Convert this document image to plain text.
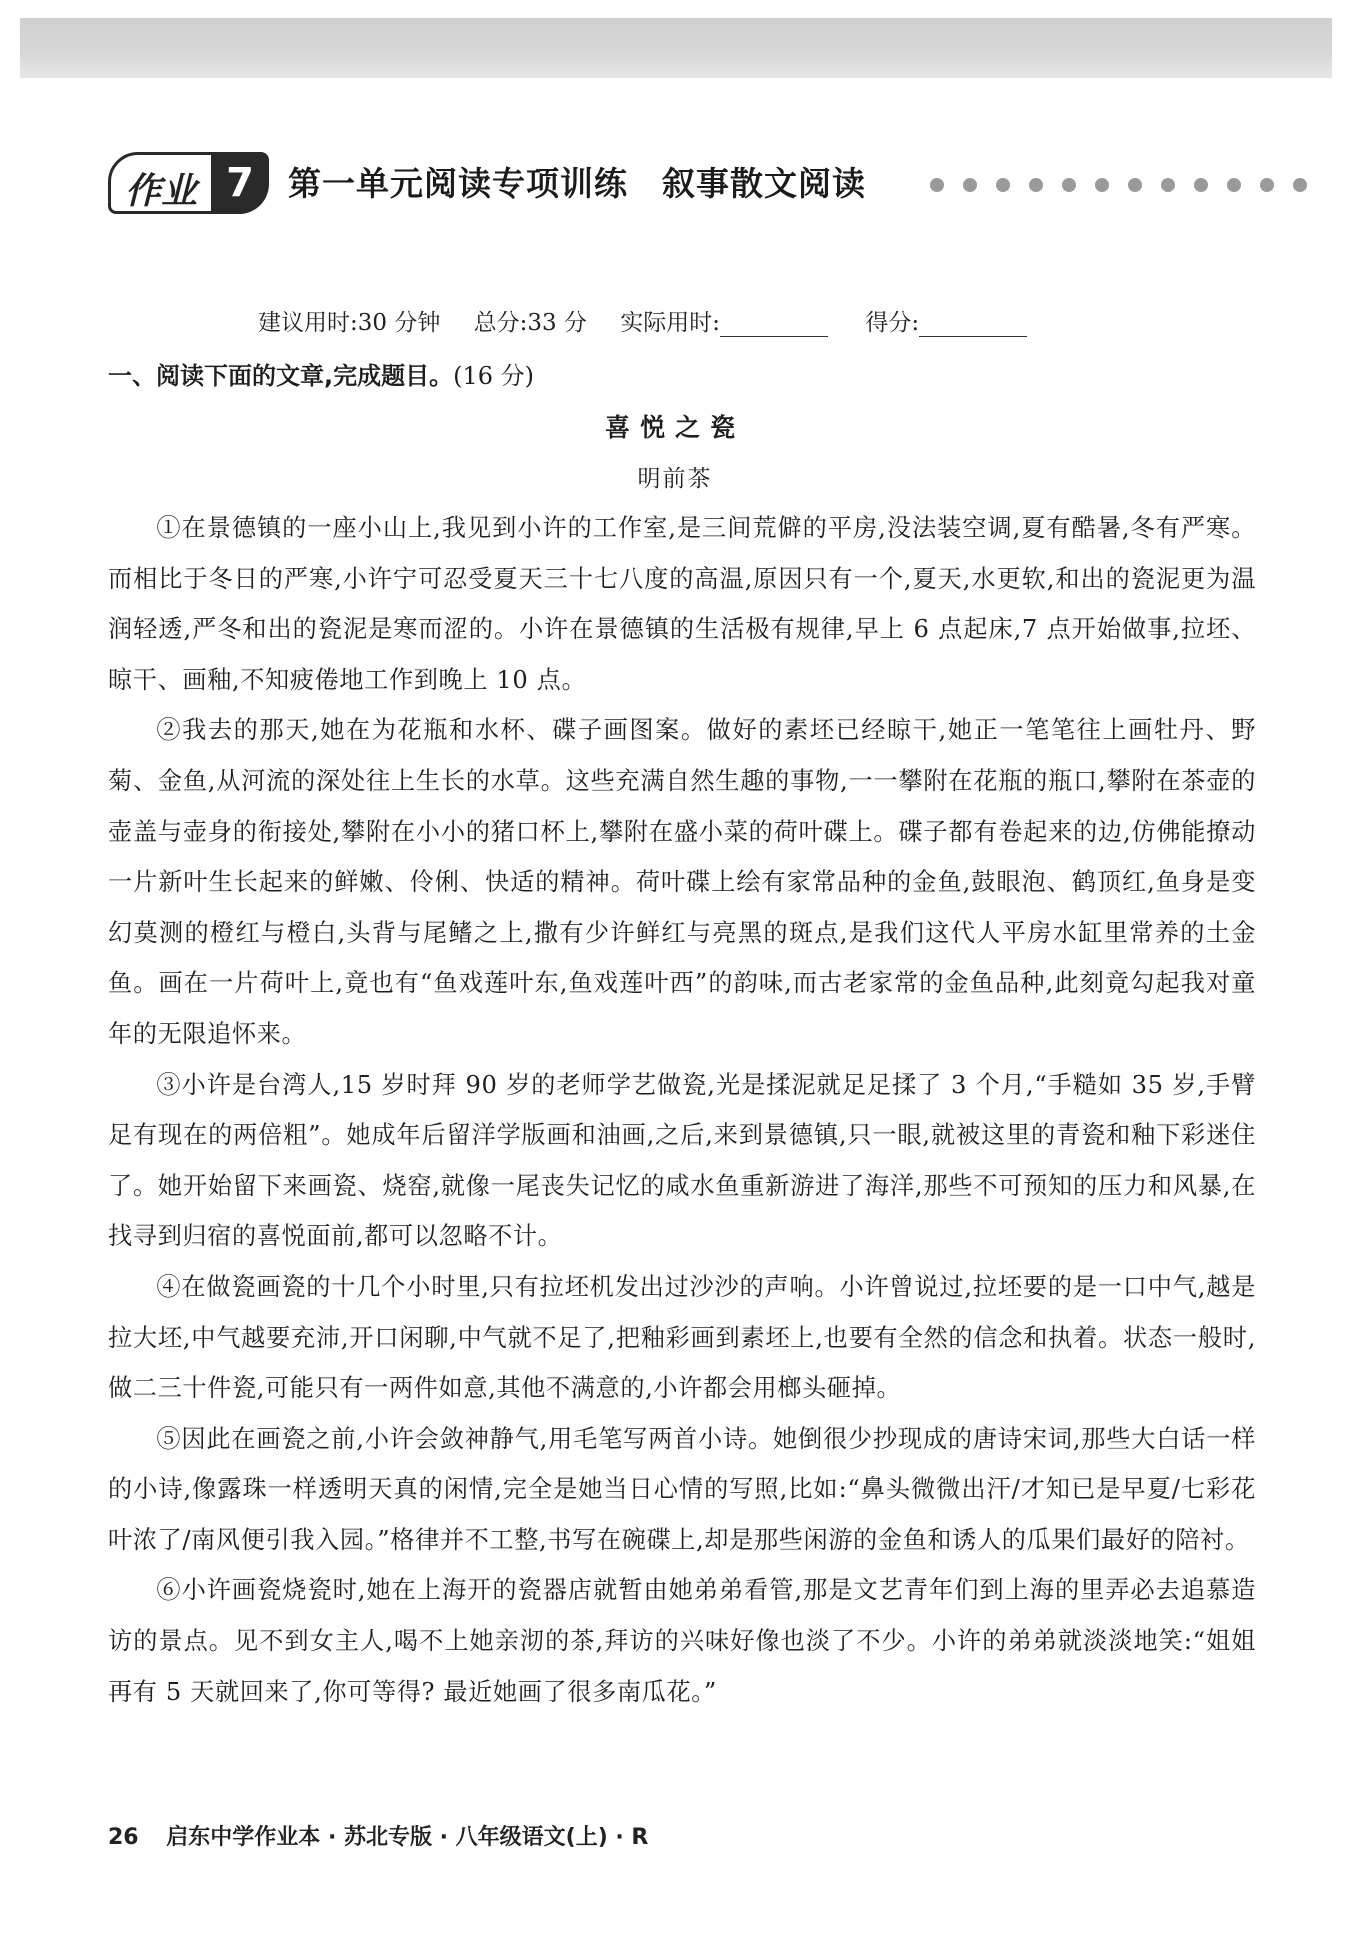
作业 7	第一单元阅读专项训练　叙事散文阅读
建议用时:30 分钟 总分:33 分 实际用时:	得分:
一、阅读下面的文章,完成题目。(16 分)
喜悦之瓷
明前茶

①在景德镇的一座小山上,我见到小许的工作室,是三间荒僻的平房,没法装空调,夏有酷暑,冬有严寒。而相比于冬日的严寒,小许宁可忍受夏天三十七八度的高温,原因只有一个,夏天,水更软,和出的瓷泥更为温润轻透,严冬和出的瓷泥是寒而涩的。小许在景德镇的生活极有规律,早上 6 点起床,7 点开始做事,拉坯、晾干、画釉,不知疲倦地工作到晚上 10 点。

②我去的那天,她在为花瓶和水杯、碟子画图案。做好的素坯已经晾干,她正一笔笔往上画牡丹、野菊、金鱼,从河流的深处往上生长的水草。这些充满自然生趣的事物,一一攀附在花瓶的瓶口,攀附在茶壶的壶盖与壶身的衔接处,攀附在小小的猪口杯上,攀附在盛小菜的荷叶碟上。碟子都有卷起来的边,仿佛能撩动一片新叶生长起来的鲜嫩、伶俐、快适的精神。荷叶碟上绘有家常品种的金鱼,鼓眼泡、鹤顶红,鱼身是变幻莫测的橙红与橙白,头背与尾鳍之上,撒有少许鲜红与亮黑的斑点,是我们这代人平房水缸里常养的土金鱼。画在一片荷叶上,竟也有“鱼戏莲叶东,鱼戏莲叶西”的韵味,而古老家常的金鱼品种,此刻竟勾起我对童年的无限追怀来。

③小许是台湾人,15 岁时拜 90 岁的老师学艺做瓷,光是揉泥就足足揉了 3 个月,“手糙如 35 岁,手臂足有现在的两倍粗”。她成年后留洋学版画和油画,之后,来到景德镇,只一眼,就被这里的青瓷和釉下彩迷住了。她开始留下来画瓷、烧窑,就像一尾丧失记忆的咸水鱼重新游进了海洋,那些不可预知的压力和风暴,在找寻到归宿的喜悦面前,都可以忽略不计。

④在做瓷画瓷的十几个小时里,只有拉坯机发出过沙沙的声响。小许曾说过,拉坯要的是一口中气,越是拉大坯,中气越要充沛,开口闲聊,中气就不足了,把釉彩画到素坯上,也要有全然的信念和执着。状态一般时,做二三十件瓷,可能只有一两件如意,其他不满意的,小许都会用榔头砸掉。

⑤因此在画瓷之前,小许会敛神静气,用毛笔写两首小诗。她倒很少抄现成的唐诗宋词,那些大白话一样的小诗,像露珠一样透明天真的闲情,完全是她当日心情的写照,比如:“鼻头微微出汗/才知已是早夏/七彩花叶浓了/南风便引我入园。”格律并不工整,书写在碗碟上,却是那些闲游的金鱼和诱人的瓜果们最好的陪衬。

⑥小许画瓷烧瓷时,她在上海开的瓷器店就暂由她弟弟看管,那是文艺青年们到上海的里弄必去追慕造访的景点。见不到女主人,喝不上她亲沏的茶,拜访的兴味好像也淡了不少。小许的弟弟就淡淡地笑:“姐姐再有 5 天就回来了,你可等得? 最近她画了很多南瓜花。”

26 启东中学作业本 · 苏北专版 · 八年级语文(上) · R
